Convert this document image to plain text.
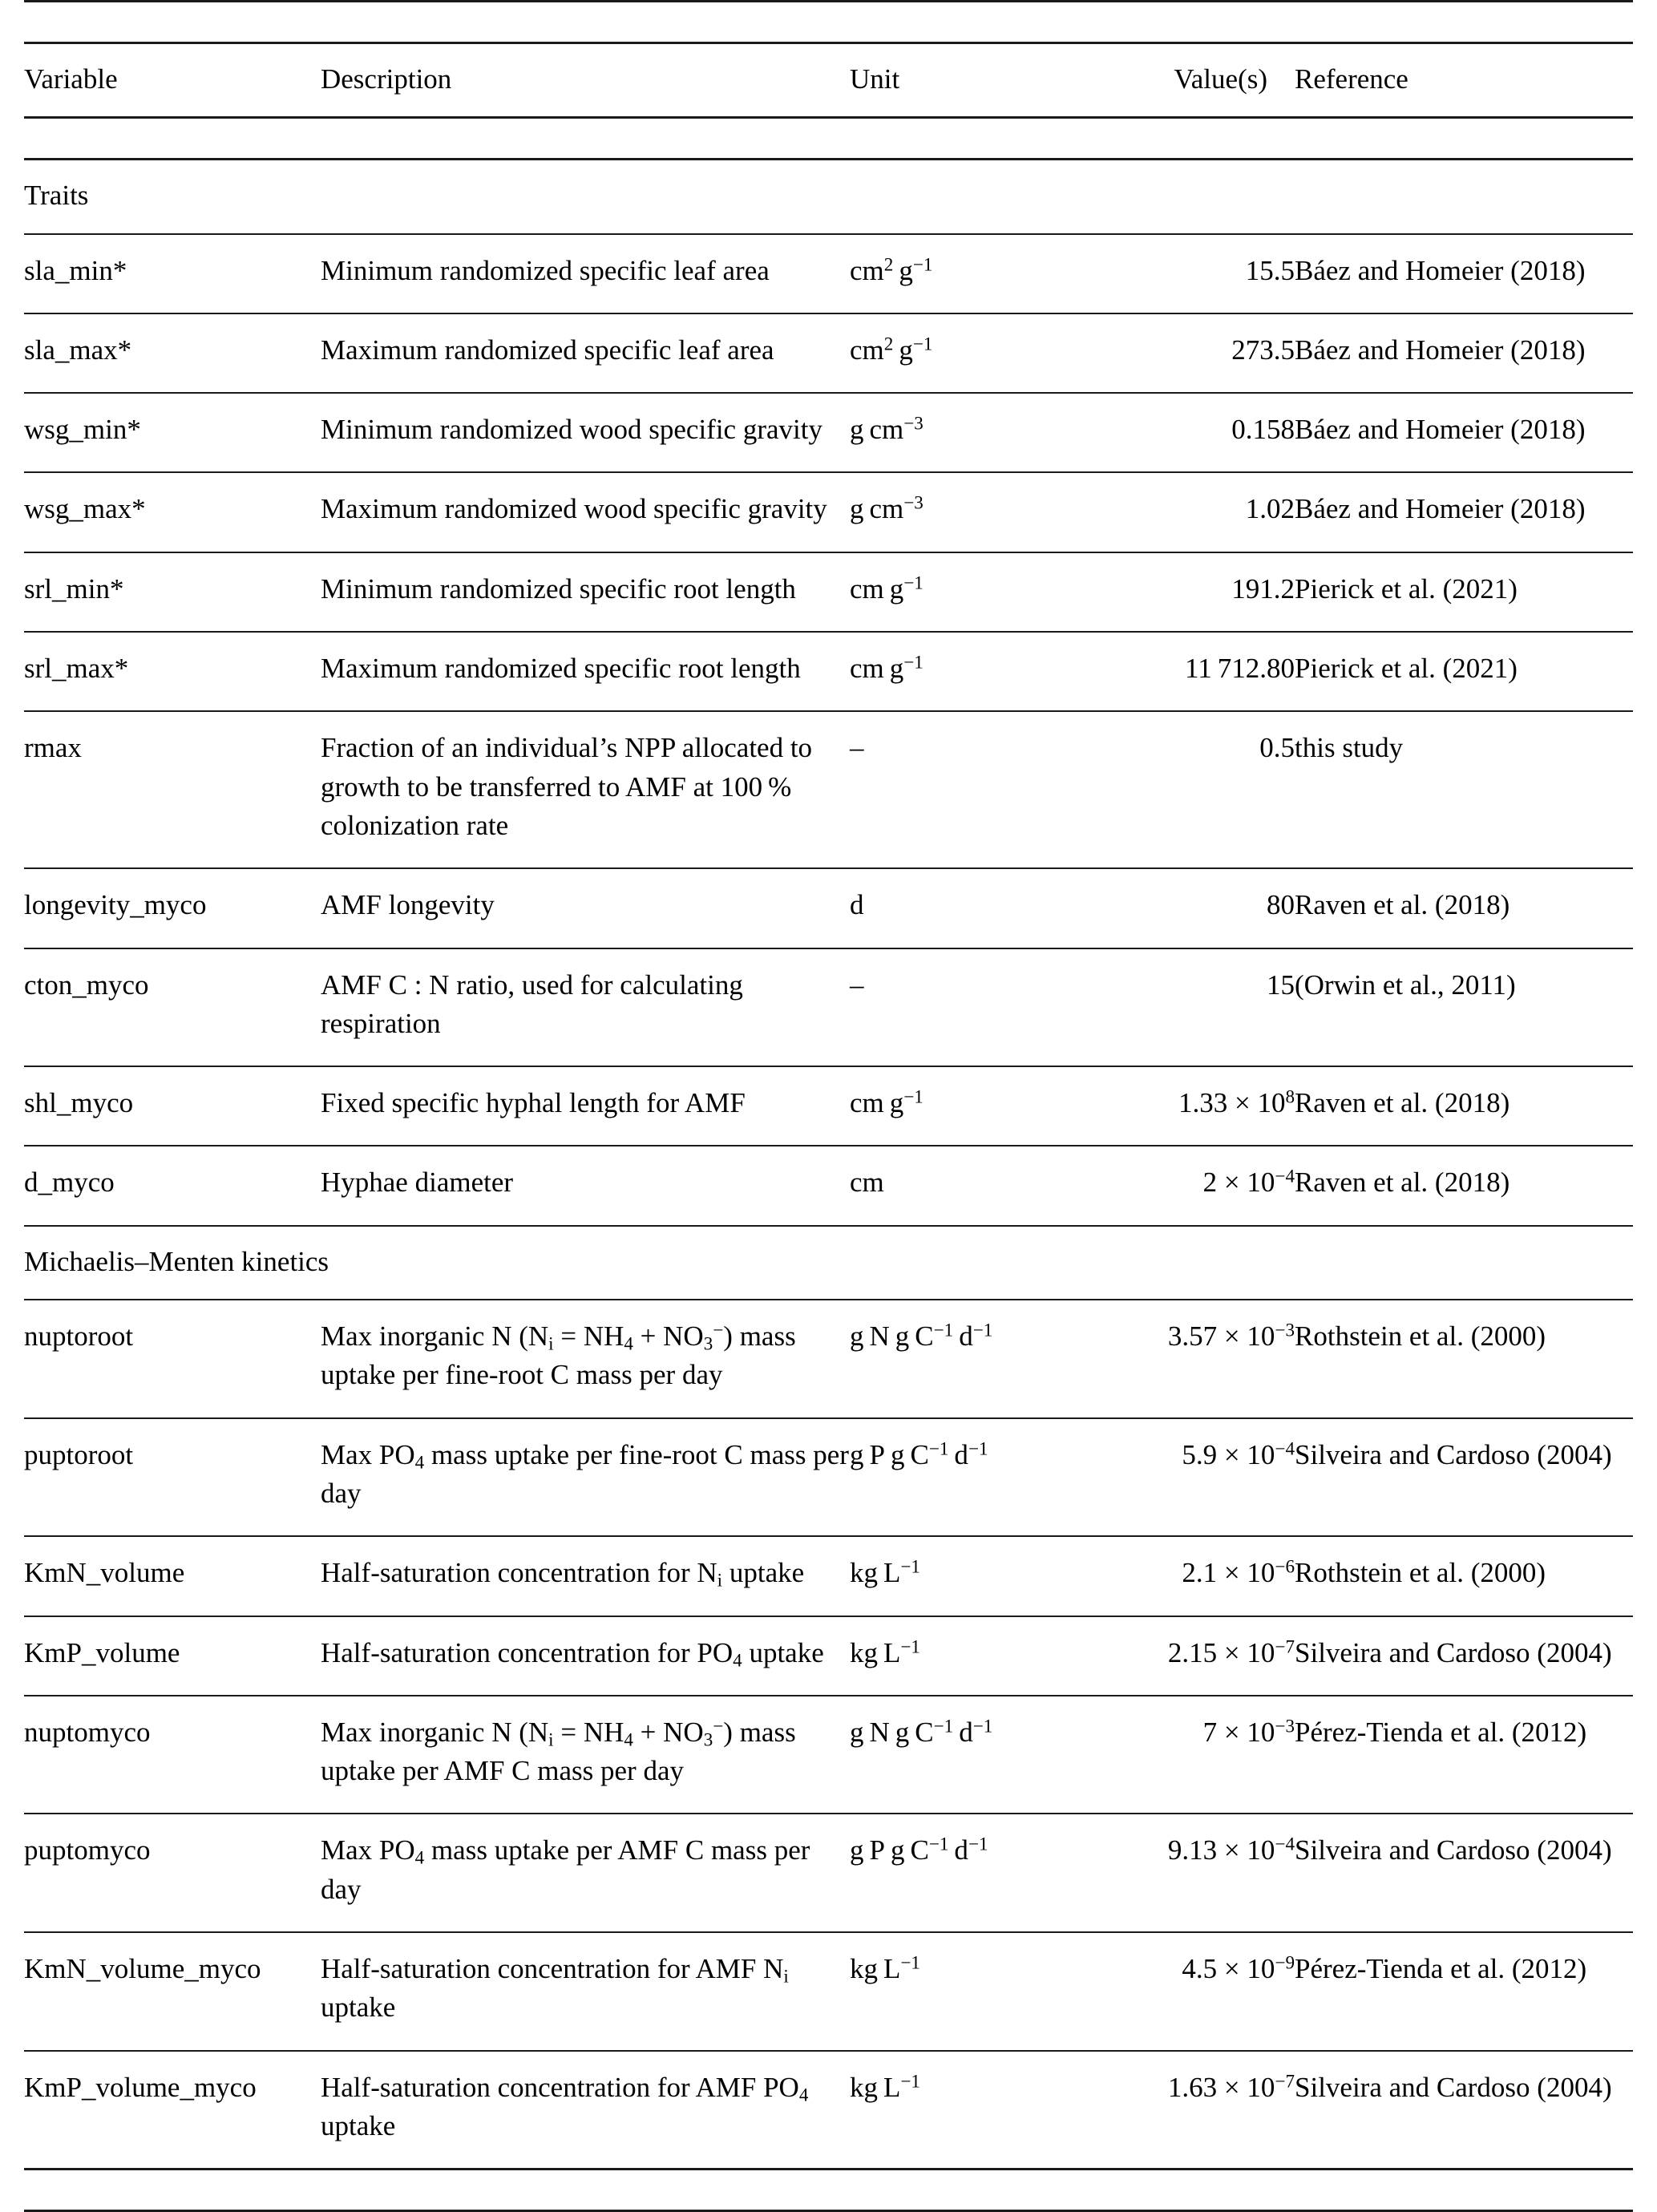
Variable	Description	Unit	Value(s)	Reference

Traits				
sla_min*	Minimum randomized specific leaf area	$cm^2$ $g^{-1}$	15.5	Báez and Homeier (2018)
sla_max*	Maximum randomized specific leaf area	$cm^2$ $g^{-1}$	273.5	Báez and Homeier (2018)
wsg_min*	Minimum randomized wood specific gravity	g $cm^{-3}$	0.158	Báez and Homeier (2018)
wsg_max*	Maximum randomized wood specific gravity	g $cm^{-3}$	1.02	Báez and Homeier (2018)
srl_min*	Minimum randomized specific root length	cm $g^{-1}$	191.2	Pierick et al. (2021)
srl_max*	Maximum randomized specific root length	cm $g^{-1}$	11 712.80	Pierick et al. (2021)
rmax	Fraction of an individual’s NPP allocated to growth to be transferred to AMF at 100 % colonization rate	–	0.5	this study
longevity_myco	AMF longevity	d	80	Raven et al. (2018)
cton_myco	AMF C : N ratio, used for calculating respiration	–	15	(Orwin et al., 2011)
shl_myco	Fixed specific hyphal length for AMF	cm $g^{-1}$	$1.33 \times 10^8$	Raven et al. (2018)
d_myco	Hyphae diameter	cm	$2 \times 10^{-4}$	Raven et al. (2018)
Michaelis–Menten kinetics				
nuptoroot	Max inorganic N $(N_i = NH_4 + NO_3^-)$ mass uptake per fine-root C mass per day	g N g $C^{-1}$ $d^{-1}$	$3.57 \times 10^{-3}$	Rothstein et al. (2000)
puptoroot	Max $PO_4$ mass uptake per fine-root C mass per day	g P g $C^{-1}$ $d^{-1}$	$5.9 \times 10^{-4}$	Silveira and Cardoso (2004)
KmN_volume	Half-saturation concentration for $N_i$ uptake	kg $L^{-1}$	$2.1 \times 10^{-6}$	Rothstein et al. (2000)
KmP_volume	Half-saturation concentration for $PO_4$ uptake	kg $L^{-1}$	$2.15 \times 10^{-7}$	Silveira and Cardoso (2004)
nuptomyco	Max inorganic N $(N_i = NH_4 + NO_3^-)$ mass uptake per AMF C mass per day	g N g $C^{-1}$ $d^{-1}$	$7 \times 10^{-3}$	Pérez-Tienda et al. (2012)
puptomyco	Max $PO_4$ mass uptake per AMF C mass per day	g P g $C^{-1}$ $d^{-1}$	$9.13 \times 10^{-4}$	Silveira and Cardoso (2004)
KmN_volume_myco	Half-saturation concentration for AMF $N_i$ uptake	kg $L^{-1}$	$4.5 \times 10^{-9}$	Pérez-Tienda et al. (2012)
KmP_volume_myco	Half-saturation concentration for AMF $PO_4$ uptake	kg $L^{-1}$	$1.63 \times 10^{-7}$	Silveira and Cardoso (2004)
